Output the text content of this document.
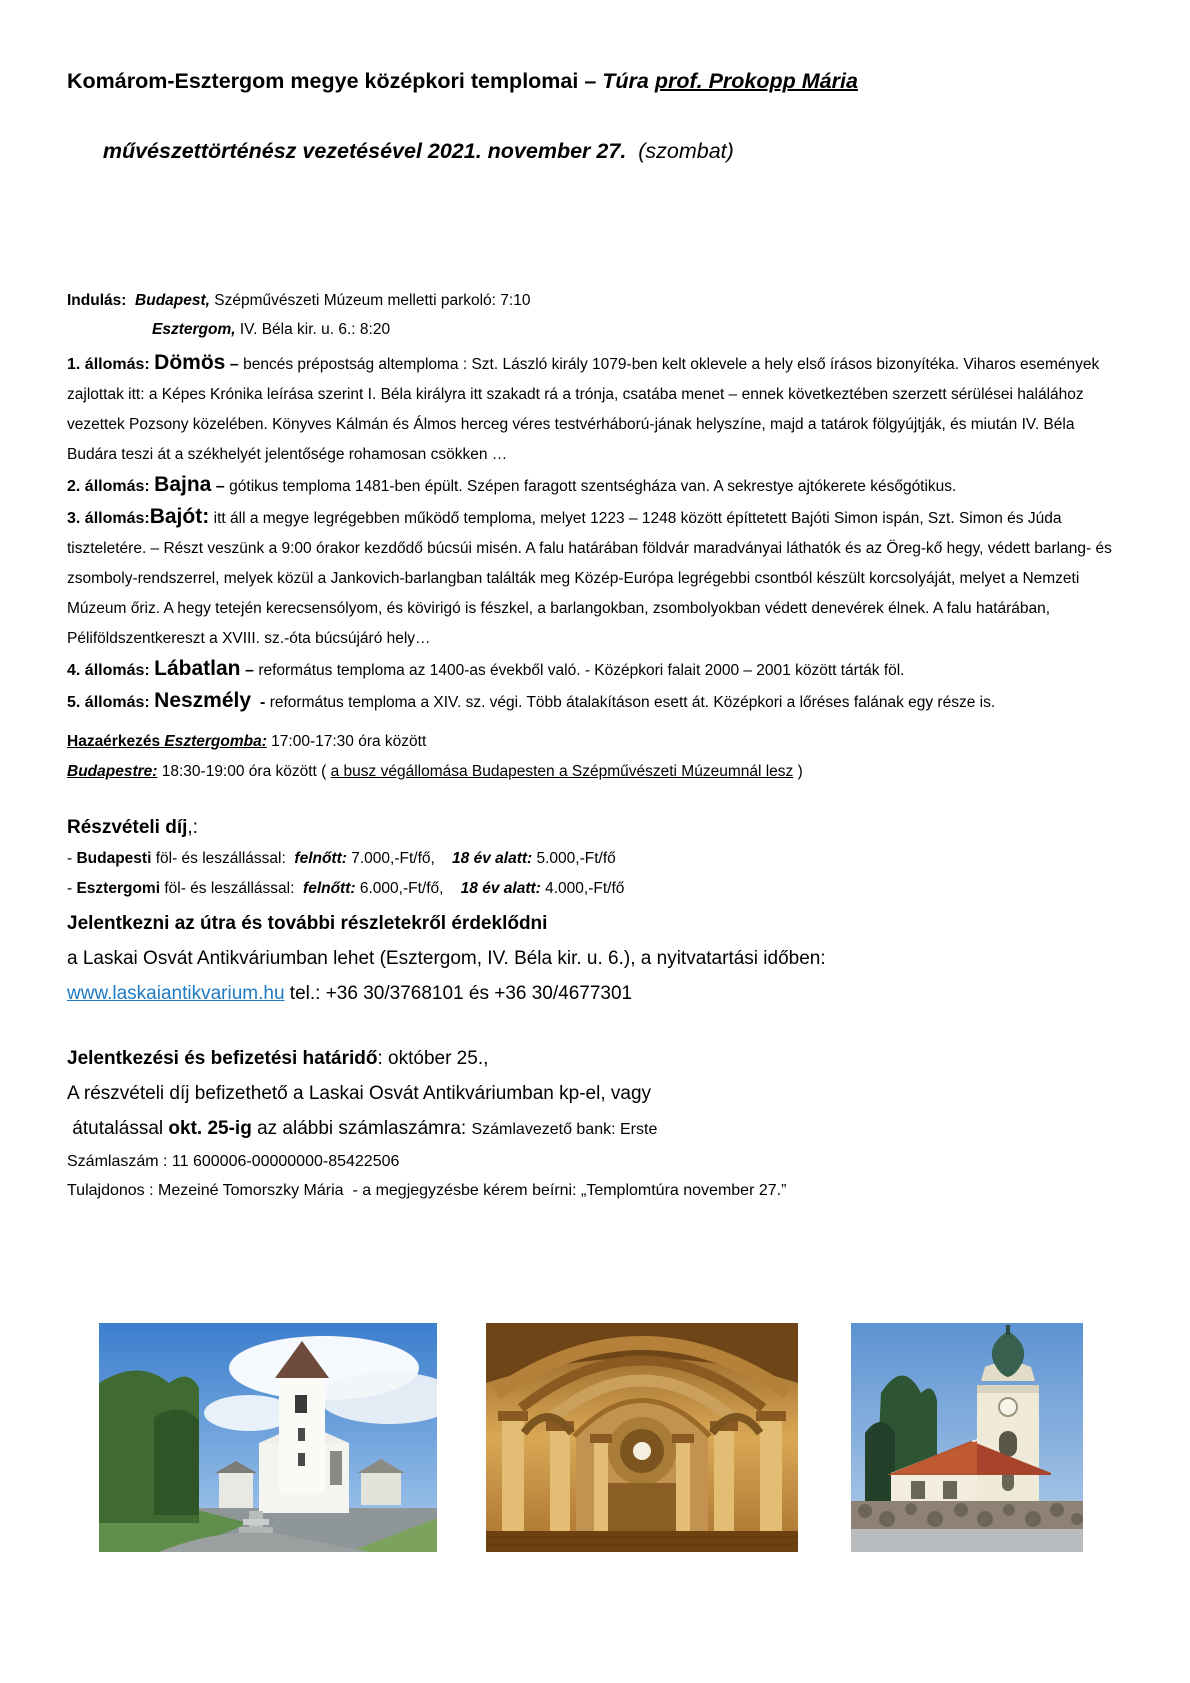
Komárom-Esztergom megye középkori templomai – Túra prof. Prokopp Mária

művészettörténész vezetésével 2021. november 27.  (szombat)

Indulás: Budapest, Szépművészeti Múzeum melletti parkoló: 7:10

Esztergom, IV. Béla kir. u. 6.: 8:20

1. állomás: Dömös – bencés prépostság altemploma : Szt. László király 1079-ben kelt oklevele a hely első írásos bizonyítéka. Viharos események zajlottak itt: a Képes Krónika leírása szerint I. Béla királyra itt szakadt rá a trónja, csatába menet – ennek következtében szerzett sérülései halálához vezettek Pozsony közelében. Könyves Kálmán és Álmos herceg véres testvérháború-jának helyszíne, majd a tatárok fölgyújtják, és miután IV. Béla Budára teszi át a székhelyét jelentősége rohamosan csökken …

2. állomás: Bajna – gótikus temploma 1481-ben épült. Szépen faragott szentségháza van. A sekrestye ajtókerete későgótikus.

3. állomás:Bajót: itt áll a megye legrégebben működő temploma, melyet 1223 – 1248 között építtetett Bajóti Simon ispán, Szt. Simon és Júda tiszteletére. – Részt veszünk a 9:00 órakor kezdődő búcsúi misén. A falu határában földvár maradványai láthatók és az Öreg-kő hegy, védett barlang- és zsomboly-rendszerrel, melyek közül a Jankovich-barlangban találták meg Közép-Európa legrégebbi csontból készült korcsolyáját, melyet a Nemzeti Múzeum őriz. A hegy tetején kerecsensólyom, és kövirigó is fészkel, a barlangokban, zsombolyokban védett denevérek élnek. A falu határában, Péliföldszentkereszt a XVIII. sz.-óta búcsújáró hely…

4. állomás: Lábatlan – református temploma az 1400-as évekből való. - Középkori falait 2000 – 2001 között tárták föl.

5. állomás: Neszmély  - református temploma a XIV. sz. végi. Több átalakításon esett át. Középkori a lőréses falának egy része is.

Hazaérkezés Esztergomba: 17:00-17:30 óra között

Budapestre: 18:30-19:00 óra között ( a busz végállomása Budapesten a Szépművészeti Múzeumnál lesz )

Részvételi díj,:

- Budapesti föl- és leszállással:  felnőtt: 7.000,-Ft/fő, 18 év alatt: 5.000,-Ft/fő

- Esztergomi föl- és leszállással:  felnőtt: 6.000,-Ft/fő, 18 év alatt: 4.000,-Ft/fő

Jelentkezni az útra és további részletekről érdeklődni

a Laskai Osvát Antikváriumban lehet (Esztergom, IV. Béla kir. u. 6.), a nyitvatartási időben:

www.laskaiantikvarium.hu tel.: +36 30/3768101 és +36 30/4677301

Jelentkezési és befizetési határidő: október 25.,

A részvételi díj befizethető a Laskai Osvát Antikváriumban kp-el, vagy

átutalással okt. 25-ig az alábbi számlaszámra: Számlavezető bank: Erste

Számlaszám : 11 600006-00000000-85422506

Tulajdonos : Mezeiné Tomorszky Mária  - a megjegyzésbe kérem beírni: „Templomtúra november 27.”
